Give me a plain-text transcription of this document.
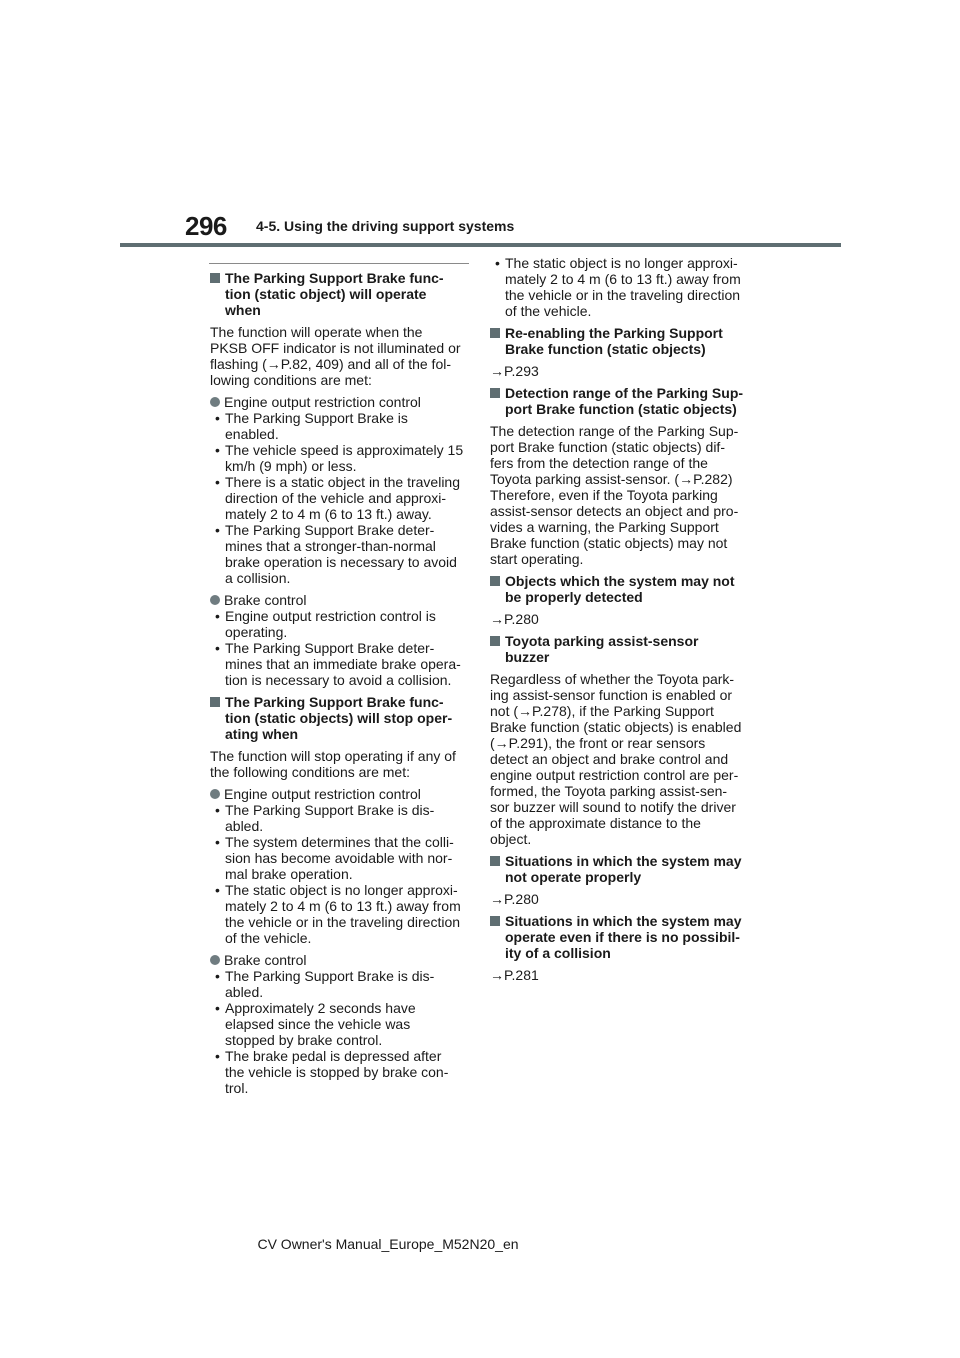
296 4-5. Using the driving support systems
The Parking Support Brake func-
tion (static object) will operate
when
The function will operate when the
PKSB OFF indicator is not illuminated or
flashing (→P.82, 409) and all of the fol-
lowing conditions are met:
Engine output restriction control
• The Parking Support Brake is
enabled.
• The vehicle speed is approximately 15
km/h (9 mph) or less.
• There is a static object in the traveling
direction of the vehicle and approxi-
mately 2 to 4 m (6 to 13 ft.) away.
• The Parking Support Brake deter-
mines that a stronger-than-normal
brake operation is necessary to avoid
a collision.
Brake control
• Engine output restriction control is
operating.
• The Parking Support Brake deter-
mines that an immediate brake opera-
tion is necessary to avoid a collision.
The Parking Support Brake func-
tion (static objects) will stop oper-
ating when
The function will stop operating if any of
the following conditions are met:
Engine output restriction control
• The Parking Support Brake is dis-
abled.
• The system determines that the colli-
sion has become avoidable with nor-
mal brake operation.
• The static object is no longer approxi-
mately 2 to 4 m (6 to 13 ft.) away from
the vehicle or in the traveling direction
of the vehicle.
Brake control
• The Parking Support Brake is dis-
abled.
• Approximately 2 seconds have
elapsed since the vehicle was
stopped by brake control.
• The brake pedal is depressed after
the vehicle is stopped by brake con-
trol.
• The static object is no longer approxi-
mately 2 to 4 m (6 to 13 ft.) away from
the vehicle or in the traveling direction
of the vehicle.
Re-enabling the Parking Support
Brake function (static objects)
→P.293
Detection range of the Parking Sup-
port Brake function (static objects)
The detection range of the Parking Sup-
port Brake function (static objects) dif-
fers from the detection range of the
Toyota parking assist-sensor. (→P.282)
Therefore, even if the Toyota parking
assist-sensor detects an object and pro-
vides a warning, the Parking Support
Brake function (static objects) may not
start operating.
Objects which the system may not
be properly detected
→P.280
Toyota parking assist-sensor
buzzer
Regardless of whether the Toyota park-
ing assist-sensor function is enabled or
not (→P.278), if the Parking Support
Brake function (static objects) is enabled
(→P.291), the front or rear sensors
detect an object and brake control and
engine output restriction control are per-
formed, the Toyota parking assist-sen-
sor buzzer will sound to notify the driver
of the approximate distance to the
object.
Situations in which the system may
not operate properly
→P.280
Situations in which the system may
operate even if there is no possibil-
ity of a collision
→P.281
CV Owner's Manual_Europe_M52N20_en
